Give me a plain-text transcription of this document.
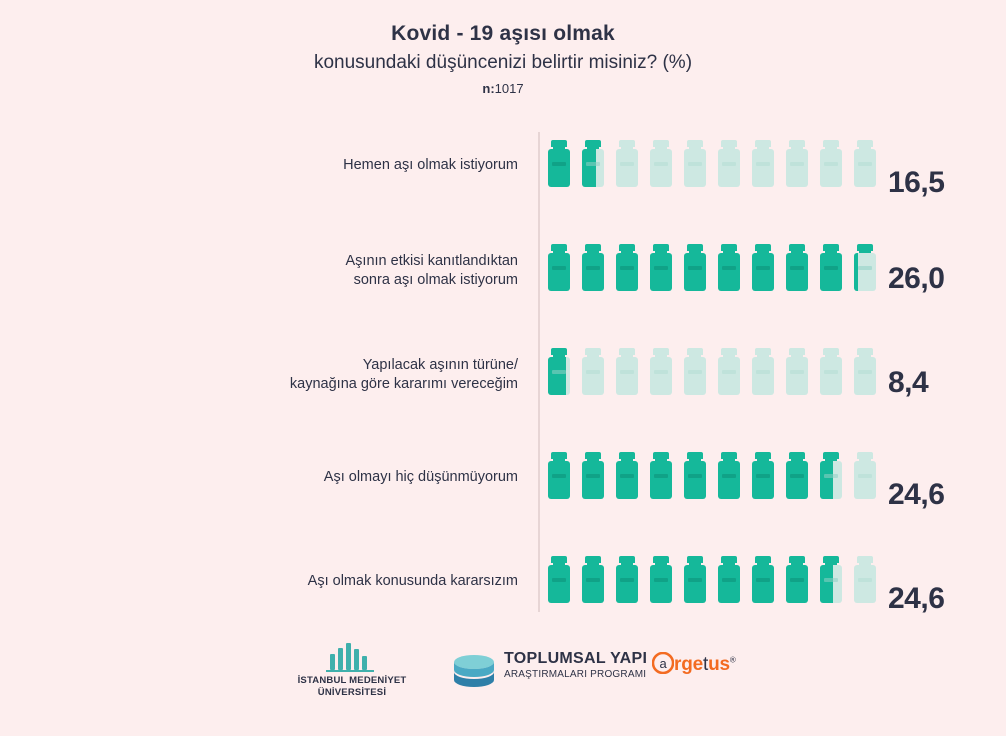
Kovid - 19 aşısı olmak
konusundaki düşüncenizi belirtir misiniz? (%)
n:1017
Hemen aşı olmak istiyorum
16,5
Aşının etkisi kanıtlandıktan
sonra aşı olmak istiyorum	26,0
Yapılacak aşının türüne/
kaynağına göre kararımı vereceğim	8,4
Aşı olmayı hiç düşünmüyorum
24,6
Aşı olmak konusunda kararsızım
24,6
İSTANBUL MEDENİYET
ÜNİVERSİTESİ
TOPLUMSAL YAPI
ARAŞTIRMALARI PROGRAMI
a rgetus®
